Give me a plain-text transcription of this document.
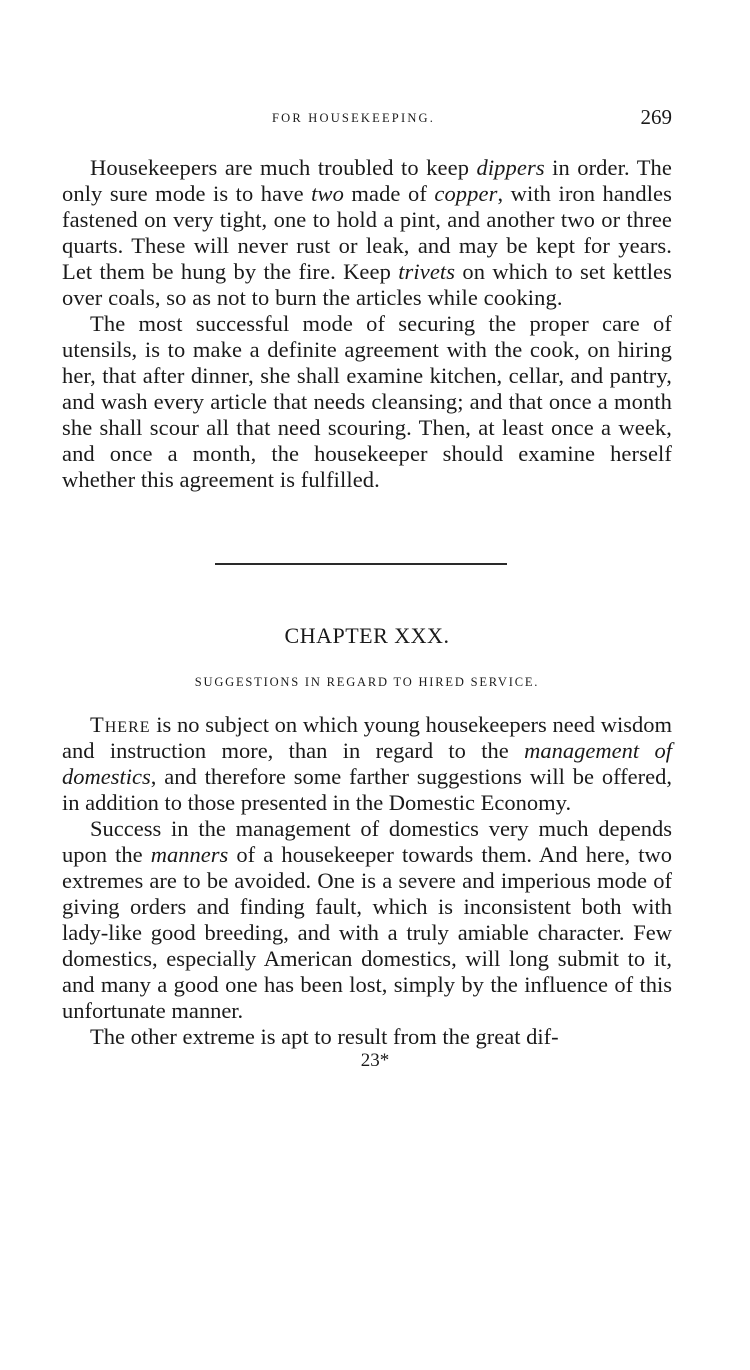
FOR HOUSEKEEPING.	269

Housekeepers are much troubled to keep dippers in order. The only sure mode is to have two made of copper, with iron handles fastened on very tight, one to hold a pint, and another two or three quarts. These will never rust or leak, and may be kept for years. Let them be hung by the fire. Keep trivets on which to set kettles over coals, so as not to burn the articles while cooking.

The most successful mode of securing the proper care of utensils, is to make a definite agreement with the cook, on hiring her, that after dinner, she shall examine kitchen, cellar, and pantry, and wash every article that needs cleansing; and that once a month she shall scour all that need scouring. Then, at least once a week, and once a month, the housekeeper should examine herself whether this agreement is fulfilled.

CHAPTER XXX.
SUGGESTIONS IN REGARD TO HIRED SERVICE.

There is no subject on which young housekeepers need wisdom and instruction more, than in regard to the management of domestics, and therefore some farther suggestions will be offered, in addition to those presented in the Domestic Economy.

Success in the management of domestics very much depends upon the manners of a housekeeper towards them. And here, two extremes are to be avoided. One is a severe and imperious mode of giving orders and finding fault, which is inconsistent both with lady-like good breeding, and with a truly amiable character. Few domestics, especially American domestics, will long submit to it, and many a good one has been lost, simply by the influence of this unfortunate manner.

The other extreme is apt to result from the great dif-

23*
